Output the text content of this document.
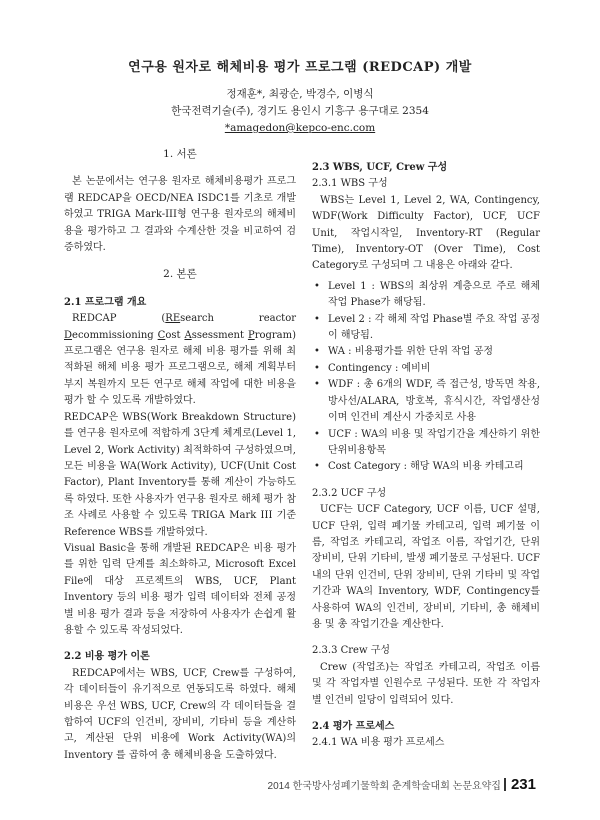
연구용 원자로 해체비용 평가 프로그램 (REDCAP) 개발
정재훈*, 최광순, 박경수, 이병식
한국전력기술(주), 경기도 용인시 기흥구 용구대로 2354
*amagedon@kepco-enc.com
1. 서론

본 논문에서는 연구용 원자로 해체비용평가 프로그램 REDCAP을 OECD/NEA ISDC1를 기초로 개발하였고 TRIGA Mark-III형 연구용 원자로의 해체비용을 평가하고 그 결과와 수계산한 것을 비교하여 검증하였다.

2. 본론
2.1 프로그램 개요

REDCAP (REsearch reactor Decommissioning Cost Assessment Program) 프로그램은 연구용 원자로 해체 비용 평가를 위해 최적화된 해체 비용 평가 프로그램으로, 해체 계획부터 부지 복원까지 모든 연구로 해체 작업에 대한 비용을 평가 할 수 있도록 개발하였다.

REDCAP은 WBS(Work Breakdown Structure)를 연구용 원자로에 적합하게 3단계 체계로(Level 1, Level 2, Work Activity) 최적화하여 구성하였으며, 모든 비용을 WA(Work Activity), UCF(Unit Cost Factor), Plant Inventory를 통해 계산이 가능하도록 하였다. 또한 사용자가 연구용 원자로 해체 평가 참조 사례로 사용할 수 있도록 TRIGA Mark III 기준 Reference WBS를 개발하였다.

Visual Basic을 통해 개발된 REDCAP은 비용 평가를 위한 입력 단계를 최소화하고, Microsoft Excel File에 대상 프로젝트의 WBS, UCF, Plant Inventory 등의 비용 평가 입력 데이터와 전체 공정별 비용 평가 결과 등을 저장하여 사용자가 손쉽게 활용할 수 있도록 작성되었다.

2.2 비용 평가 이론

REDCAP에서는 WBS, UCF, Crew를 구성하여, 각 데이터들이 유기적으로 연동되도록 하였다. 해체 비용은 우선 WBS, UCF, Crew의 각 데이터들을 결합하여 UCF의 인건비, 장비비, 기타비 등을 계산하고, 계산된 단위 비용에 Work Activity(WA)의 Inventory 를 곱하여 총 해체비용을 도출하였다.

2.3 WBS, UCF, Crew 구성
2.3.1 WBS 구성

WBS는 Level 1, Level 2, WA, Contingency, WDF(Work Difficulty Factor), UCF, UCF Unit, 작업시작일, Inventory-RT (Regular Time), Inventory-OT (Over Time), Cost Category로 구성되며 그 내용은 아래와 같다.

• Level 1 : WBS의 최상위 계층으로 주로 해체 작업 Phase가 해당됨.
• Level 2 : 각 해체 작업 Phase별 주요 작업 공정이 해당됨.
• WA : 비용평가를 위한 단위 작업 공정
• Contingency : 예비비
• WDF : 총 6개의 WDF, 즉 접근성, 방독면 착용, 방사선/ALARA, 방호복, 휴식시간, 작업생산성이며 인건비 계산시 가중치로 사용
• UCF : WA의 비용 및 작업기간을 계산하기 위한 단위비용항목
• Cost Category : 해당 WA의 비용 카테고리
2.3.2 UCF 구성

UCF는 UCF Category, UCF 이름, UCF 설명, UCF 단위, 입력 폐기물 카테고리, 입력 폐기물 이름, 작업조 카테고리, 작업조 이름, 작업기간, 단위 장비비, 단위 기타비, 발생 폐기물로 구성된다. UCF내의 단위 인건비, 단위 장비비, 단위 기타비 및 작업 기간과 WA의 Inventory, WDF, Contingency를 사용하여 WA의 인건비, 장비비, 기타비, 총 해체비용 및 총 작업기간을 계산한다.

2.3.3 Crew 구성

Crew (작업조)는 작업조 카테고리, 작업조 이름 및 각 작업자별 인원수로 구성된다. 또한 각 작업자별 인건비 일당이 입력되어 있다.

2.4 평가 프로세스
2.4.1 WA 비용 평가 프로세스
2014 한국방사성폐기물학회 춘계학술대회 논문요약집 231
